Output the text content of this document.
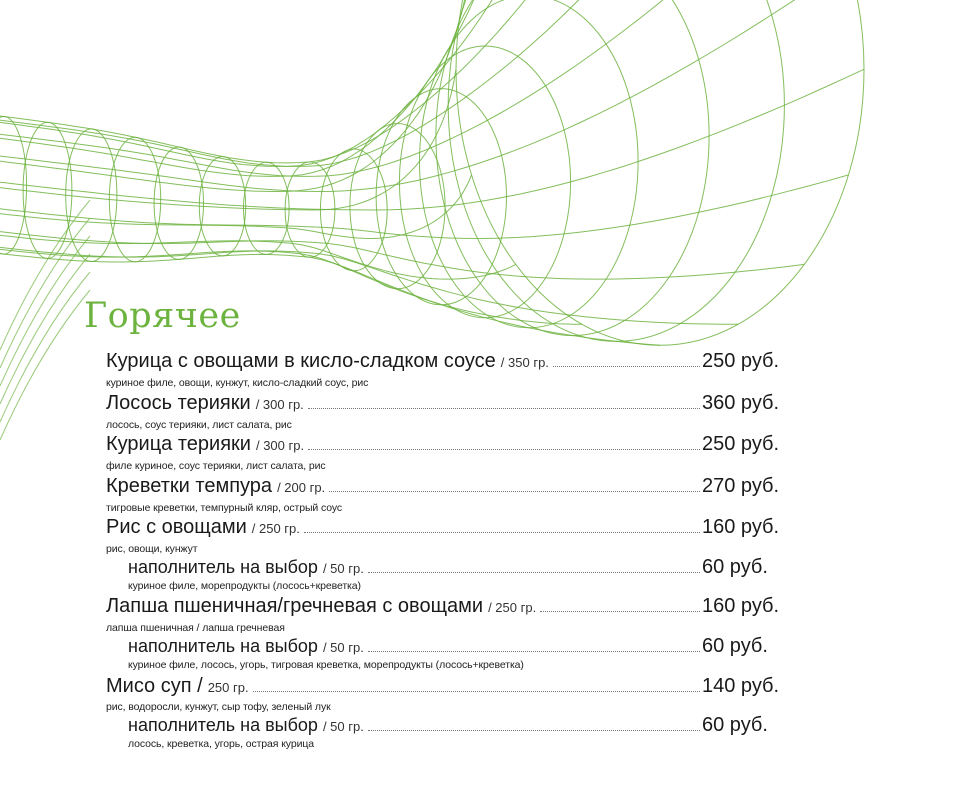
Горячее
Курица с овощами в кисло-сладком соусе / 350 гр.	250 руб.
куриное филе, овощи, кунжут, кисло-сладкий соус, рис
Лосось терияки / 300 гр.	360 руб.
лосось, соус терияки, лист салата, рис
Курица терияки / 300 гр.	250 руб.
филе куриное, соус терияки, лист салата, рис
Креветки темпура / 200 гр.	270 руб.
тигровые креветки, темпурный кляр, острый соус
Рис с овощами / 250 гр.	160 руб.
рис, овощи, кунжут
наполнитель на выбор / 50 гр.	60 руб.
куриное филе, морепродукты (лосось+креветка)
Лапша пшеничная/гречневая с овощами / 250 гр.	160 руб.
лапша пшеничная / лапша гречневая
наполнитель на выбор / 50 гр.	60 руб.
куриное филе, лосось, угорь, тигровая креветка, морепродукты (лосось+креветка)
Мисо суп / 250 гр.	140 руб.
рис, водоросли, кунжут, сыр тофу, зеленый лук
наполнитель на выбор / 50 гр.	60 руб.
лосось, креветка, угорь, острая курица
